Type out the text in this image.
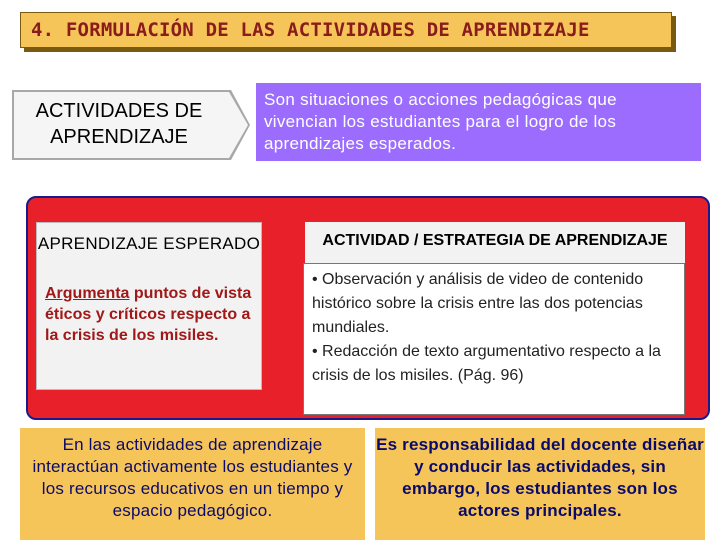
4. FORMULACIÓN DE LAS ACTIVIDADES DE APRENDIZAJE
ACTIVIDADES DE APRENDIZAJE
Son situaciones o acciones pedagógicas que vivencian los estudiantes para el logro de los aprendizajes esperados.
APRENDIZAJE ESPERADO
Argumenta puntos de vista éticos y críticos respecto a la crisis de los misiles.
ACTIVIDAD / ESTRATEGIA DE APRENDIZAJE
• Observación y análisis de video de contenido histórico sobre la crisis entre las dos potencias mundiales.
• Redacción de texto argumentativo respecto a la crisis de los misiles. (Pág. 96)
En las actividades de aprendizaje interactúan activamente los estudiantes y los recursos educativos en un tiempo y espacio pedagógico.
Es responsabilidad del docente diseñar y conducir las actividades, sin embargo, los estudiantes son los actores principales.
